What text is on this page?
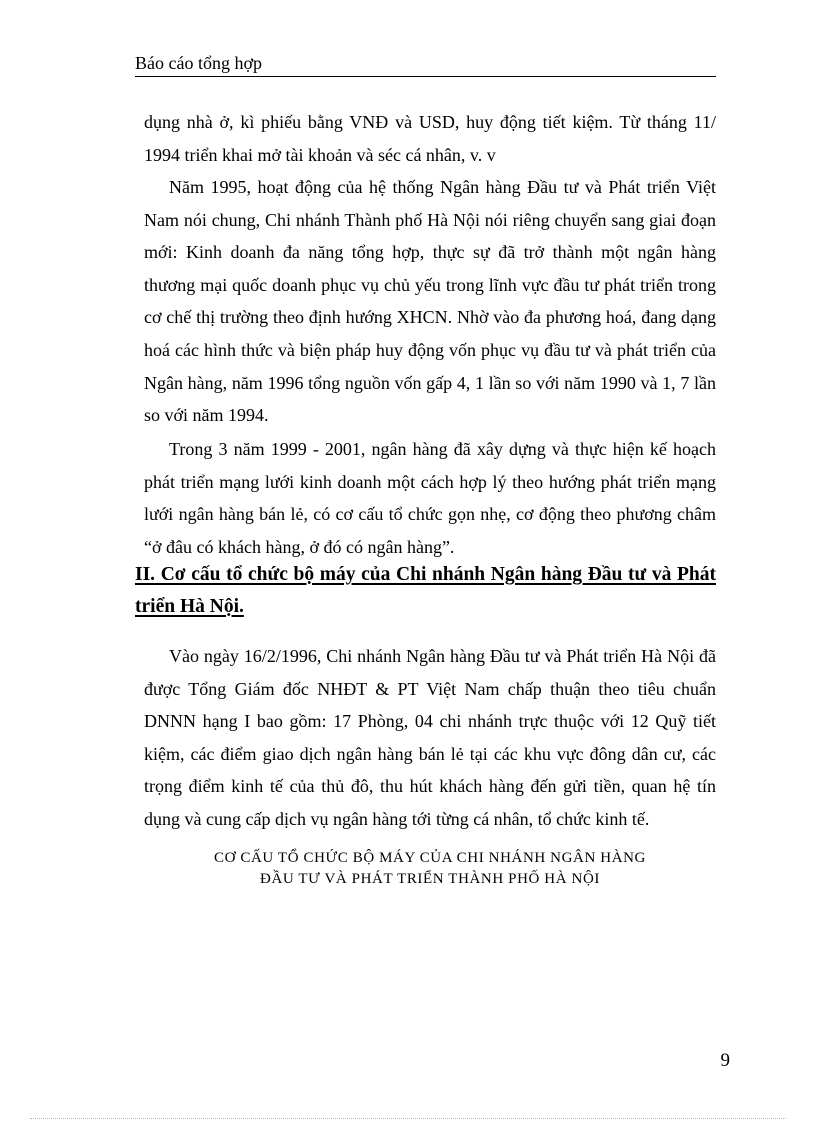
Báo cáo tổng hợp

dụng nhà ở, kì phiếu bằng VNĐ và USD, huy động tiết kiệm. Từ tháng 11/ 1994 triển khai mở tài khoản và séc cá nhân, v. v

Năm 1995, hoạt động của hệ thống Ngân hàng Đầu tư và Phát triển Việt Nam nói chung, Chi nhánh Thành phố Hà Nội nói riêng chuyển sang giai đoạn mới: Kinh doanh đa năng tổng hợp, thực sự đã trở thành một ngân hàng thương mại quốc doanh phục vụ chủ yếu trong lĩnh vực đầu tư phát triển trong cơ chế thị trường theo định hướng XHCN. Nhờ vào đa phương hoá, đang dạng hoá các hình thức và biện pháp huy động vốn phục vụ đầu tư và phát triển của Ngân hàng, năm 1996 tổng nguồn vốn gấp 4, 1 lần so với năm 1990 và 1, 7 lần so với năm 1994.

Trong 3 năm 1999 - 2001, ngân hàng đã xây dựng và thực hiện kế hoạch phát triển mạng lưới kinh doanh một cách hợp lý theo hướng phát triển mạng lưới ngân hàng bán lẻ, có cơ cấu tổ chức gọn nhẹ, cơ động theo phương châm “ở đâu có khách hàng, ở đó có ngân hàng”.

II. Cơ cấu tổ chức bộ máy của Chi nhánh Ngân hàng Đầu tư và Phát triển Hà Nội.

Vào ngày 16/2/1996, Chi nhánh Ngân hàng Đầu tư và Phát triển Hà Nội đã được Tổng Giám đốc NHĐT & PT Việt Nam chấp thuận theo tiêu chuẩn DNNN hạng I bao gồm: 17 Phòng, 04 chi nhánh trực thuộc với 12 Quỹ tiết kiệm, các điểm giao dịch ngân hàng bán lẻ tại các khu vực đông dân cư, các trọng điểm kinh tế của thủ đô, thu hút khách hàng đến gửi tiền, quan hệ tín dụng và cung cấp dịch vụ ngân hàng tới từng cá nhân, tổ chức kinh tế.

CƠ CẤU TỔ CHỨC BỘ MÁY CỦA CHI NHÁNH NGÂN HÀNG
ĐẦU TƯ VÀ PHÁT TRIỂN THÀNH PHỐ HÀ NỘI
9
